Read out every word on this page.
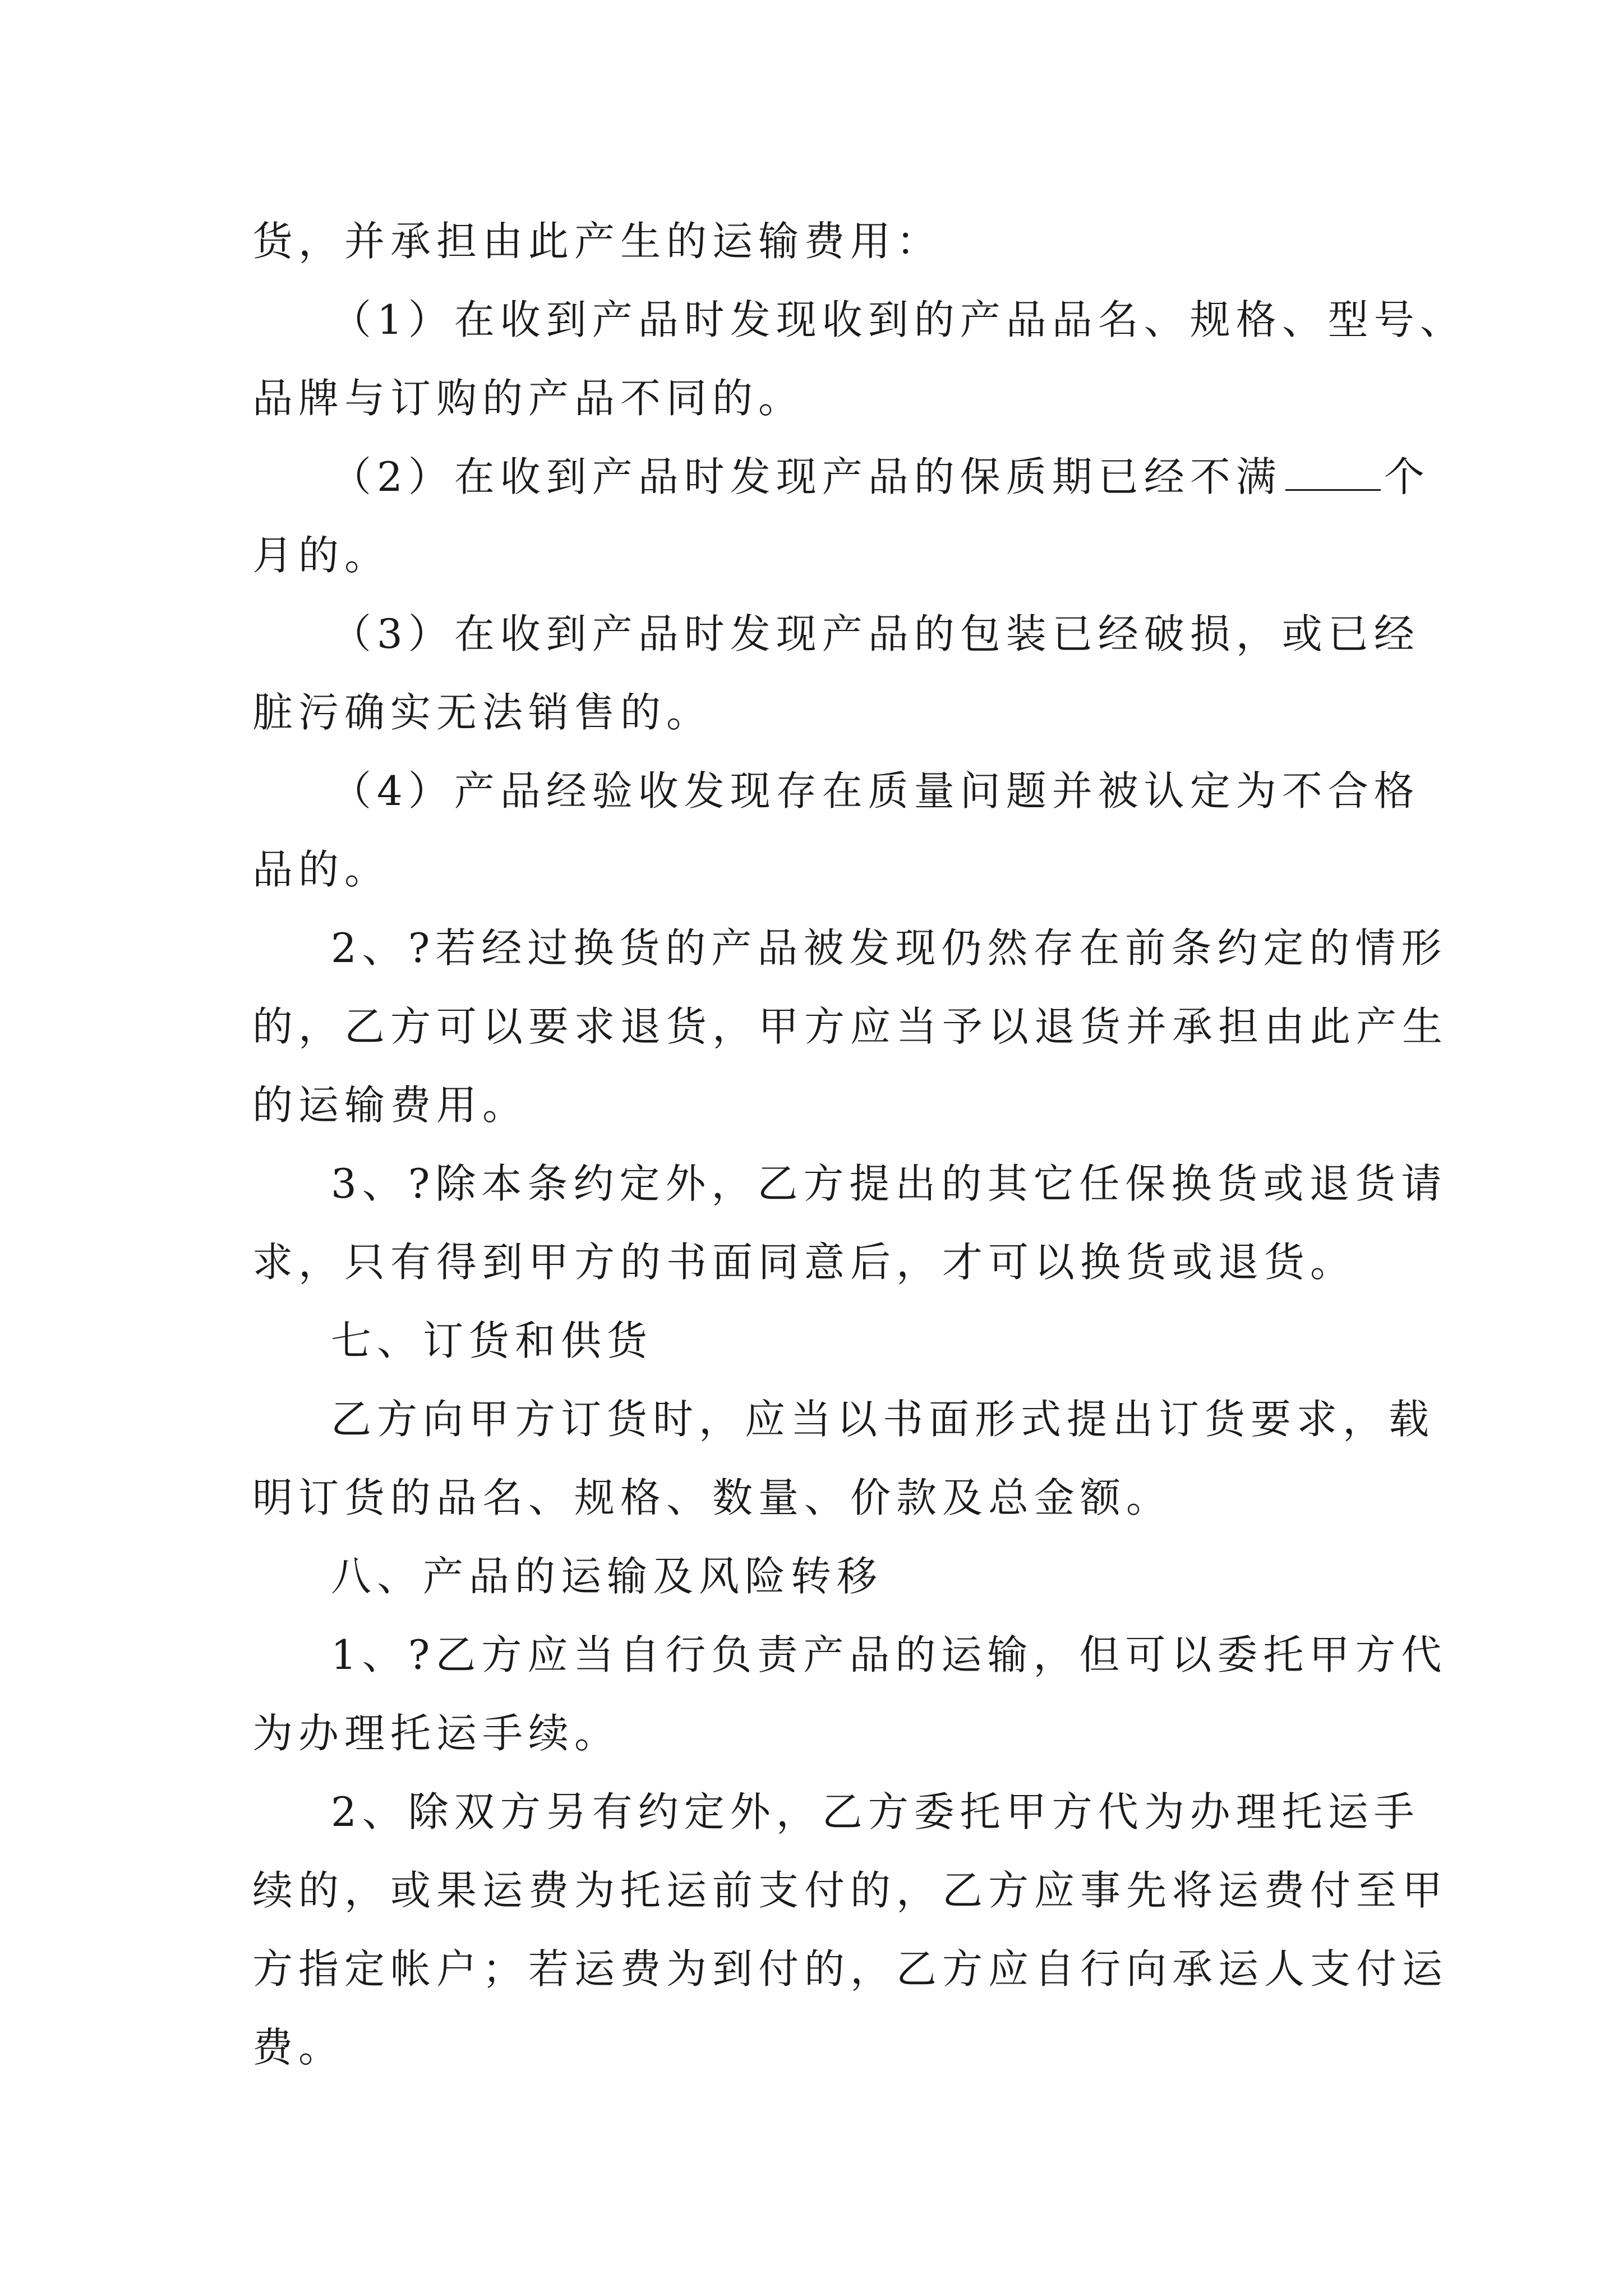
货，并承担由此产生的运输费用：
（1）在收到产品时发现收到的产品品名、规格、型号、
品牌与订购的产品不同的。
（2）在收到产品时发现产品的保质期已经不满	个
月的。
（3）在收到产品时发现产品的包装已经破损，或已经
脏污确实无法销售的。
（4）产品经验收发现存在质量问题并被认定为不合格
品的。
2、?若经过换货的产品被发现仍然存在前条约定的情形
的，乙方可以要求退货，甲方应当予以退货并承担由此产生
的运输费用。
3、?除本条约定外，乙方提出的其它任保换货或退货请
求，只有得到甲方的书面同意后，才可以换货或退货。
七、订货和供货
乙方向甲方订货时，应当以书面形式提出订货要求，载
明订货的品名、规格、数量、价款及总金额。
八、产品的运输及风险转移
1、?乙方应当自行负责产品的运输，但可以委托甲方代
为办理托运手续。
2、除双方另有约定外，乙方委托甲方代为办理托运手
续的，或果运费为托运前支付的，乙方应事先将运费付至甲
方指定帐户；若运费为到付的，乙方应自行向承运人支付运
费。
